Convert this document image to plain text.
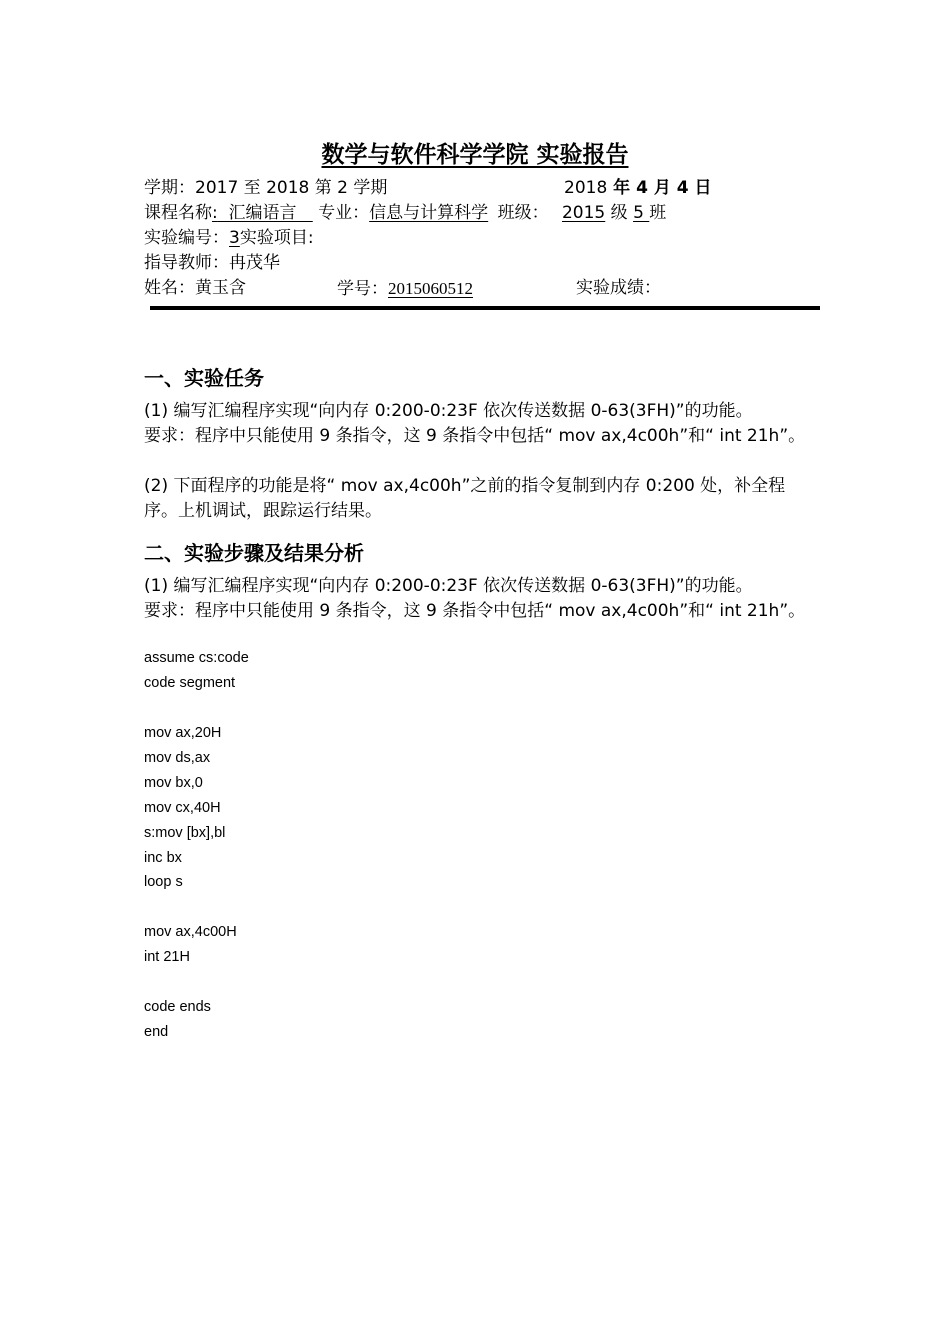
数学与软件科学学院 实验报告
学期：2017 至 2018 第 2 学期	2018 年 4 月 4 日
课程名称:  汇编语言    专业：信息与计算科学 班级： 2015 级 5 班
实验编号：3实验项目:
指导教师：冉茂华
姓名：黄玉含	学号：2015060512	实验成绩：
一、实验任务
(1) 编写汇编程序实现“向内存 0:200-0:23F 依次传送数据 0-63(3FH)”的功能。
要求：程序中只能使用 9 条指令，这 9 条指令中包括“ mov ax,4c00h”和“ int 21h”。
(2) 下面程序的功能是将“ mov ax,4c00h”之前的指令复制到内存 0:200 处，补全程序。上机调试，跟踪运行结果。
二、实验步骤及结果分析
(1) 编写汇编程序实现“向内存 0:200-0:23F 依次传送数据 0-63(3FH)”的功能。
要求：程序中只能使用 9 条指令，这 9 条指令中包括“ mov ax,4c00h”和“ int 21h”。
assume cs:code
code segment
mov ax,20H
mov ds,ax
mov bx,0
mov cx,40H
s:mov [bx],bl
inc bx
loop s
mov ax,4c00H
int 21H
code ends
end
